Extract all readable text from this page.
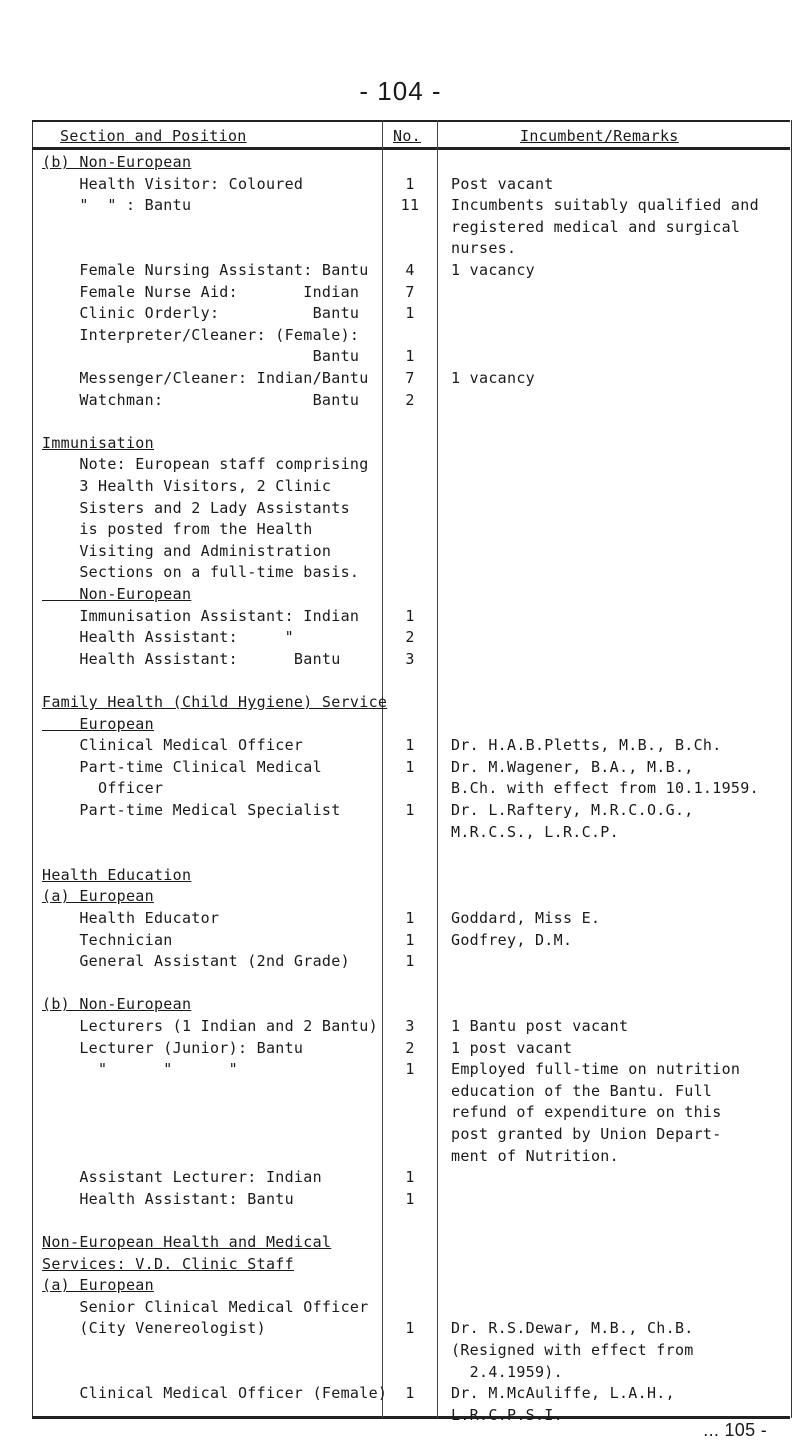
- 104 -
Section and Position	No.	Incumbent/Remarks
(b) Non-European
Health Visitor: Coloured	1	Post vacant
"  " : Bantu	11	Incumbents suitably qualified and
registered medical and surgical
nurses.
Female Nursing Assistant: Bantu	4	1 vacancy
Female Nurse Aid:       Indian	7
Clinic Orderly:          Bantu	1
Interpreter/Cleaner: (Female):
Bantu	1
Messenger/Cleaner: Indian/Bantu	7	1 vacancy
Watchman:                Bantu	2
Immunisation
Note: European staff comprising
3 Health Visitors, 2 Clinic
Sisters and 2 Lady Assistants
is posted from the Health
Visiting and Administration
Sections on a full-time basis.
Non-European
Immunisation Assistant: Indian	1
Health Assistant:     "	2
Health Assistant:      Bantu	3
Family Health (Child Hygiene) Service
European
Clinical Medical Officer	1	Dr. H.A.B.Pletts, M.B., B.Ch.
Part-time Clinical Medical	1	Dr. M.Wagener, B.A., M.B.,
Officer	B.Ch. with effect from 10.1.1959.
Part-time Medical Specialist	1	Dr. L.Raftery, M.R.C.O.G.,
M.R.C.S., L.R.C.P.
Health Education
(a) European
Health Educator	1	Goddard, Miss E.
Technician	1	Godfrey, D.M.
General Assistant (2nd Grade)	1
(b) Non-European
Lecturers (1 Indian and 2 Bantu)	3	1 Bantu post vacant
Lecturer (Junior): Bantu	2	1 post vacant
"      "      "	1	Employed full-time on nutrition
education of the Bantu. Full
refund of expenditure on this
post granted by Union Depart-
ment of Nutrition.
Assistant Lecturer: Indian	1
Health Assistant: Bantu	1
Non-European Health and Medical
Services: V.D. Clinic Staff
(a) European
Senior Clinical Medical Officer
(City Venereologist)	1	Dr. R.S.Dewar, M.B., Ch.B.
(Resigned with effect from
2.4.1959).
Clinical Medical Officer (Female)	1	Dr. M.McAuliffe, L.A.H.,
L.R.C.P.S.I.
... 105 -
